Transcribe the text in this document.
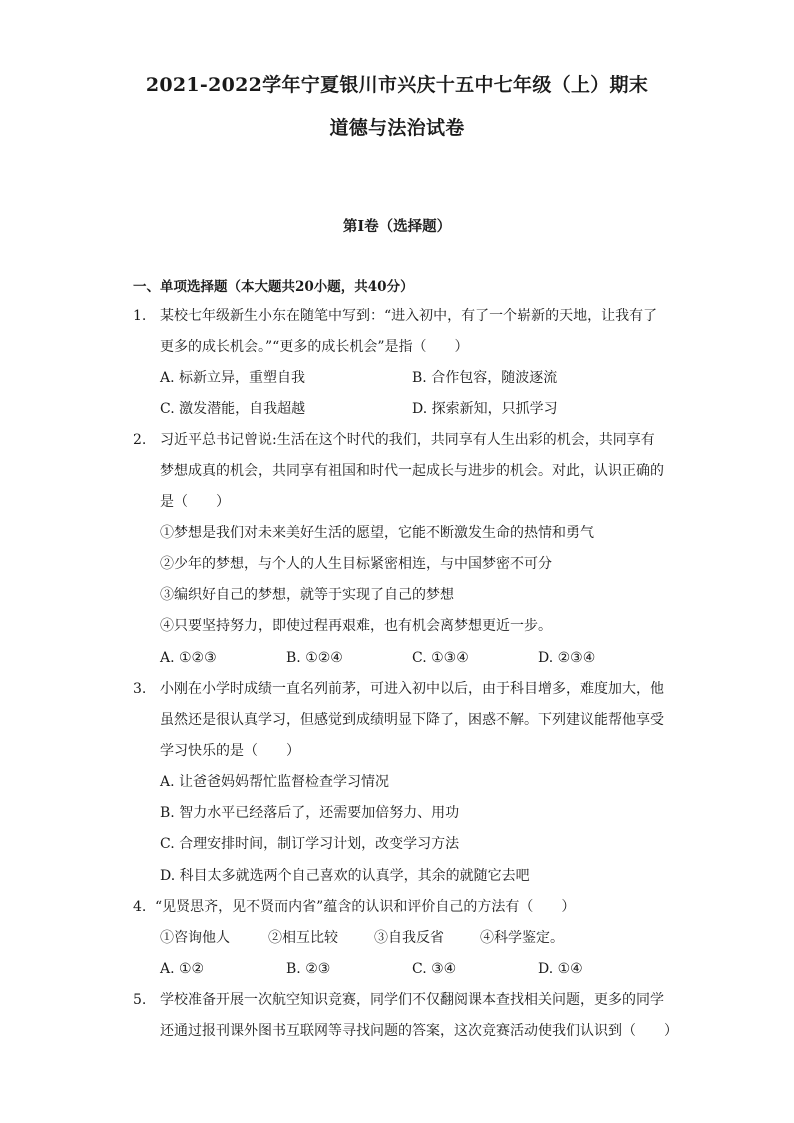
2021-2022学年宁夏银川市兴庆十五中七年级（上）期末
道德与法治试卷
第I卷（选择题）
一、单项选择题（本大题共20小题，共40分）
1. 某校七年级新生小东在随笔中写到：“进入初中，有了一个崭新的天地，让我有了
更多的成长机会。”“更多的成长机会”是指（　　）
A. 标新立异，重塑自我	B. 合作包容，随波逐流
C. 激发潜能，自我超越	D. 探索新知，只抓学习
2. 习近平总书记曾说:生活在这个时代的我们，共同享有人生出彩的机会，共同享有
梦想成真的机会，共同享有祖国和时代一起成长与进步的机会。对此，认识正确的
是（　　）
①梦想是我们对未来美好生活的愿望，它能不断激发生命的热情和勇气
②少年的梦想，与个人的人生目标紧密相连，与中国梦密不可分
③编织好自己的梦想，就等于实现了自己的梦想
④只要坚持努力，即使过程再艰难，也有机会离梦想更近一步。
A. ①②③	B. ①②④	C. ①③④	D. ②③④
3. 小刚在小学时成绩一直名列前茅，可进入初中以后，由于科目增多，难度加大，他
虽然还是很认真学习，但感觉到成绩明显下降了，困惑不解。下列建议能帮他享受
学习快乐的是（　　）
A. 让爸爸妈妈帮忙监督检查学习情况
B. 智力水平已经落后了，还需要加倍努力、用功
C. 合理安排时间，制订学习计划，改变学习方法
D. 科目太多就选两个自己喜欢的认真学，其余的就随它去吧
4. “见贤思齐，见不贤而内省”蕴含的认识和评价自己的方法有（　　）
①咨询他人	②相互比较	③自我反省	④科学鉴定。
A. ①②	B. ②③	C. ③④	D. ①④
5. 学校准备开展一次航空知识竞赛，同学们不仅翻阅课本查找相关问题，更多的同学
还通过报刊课外图书互联网等寻找问题的答案，这次竞赛活动使我们认识到（　　）
